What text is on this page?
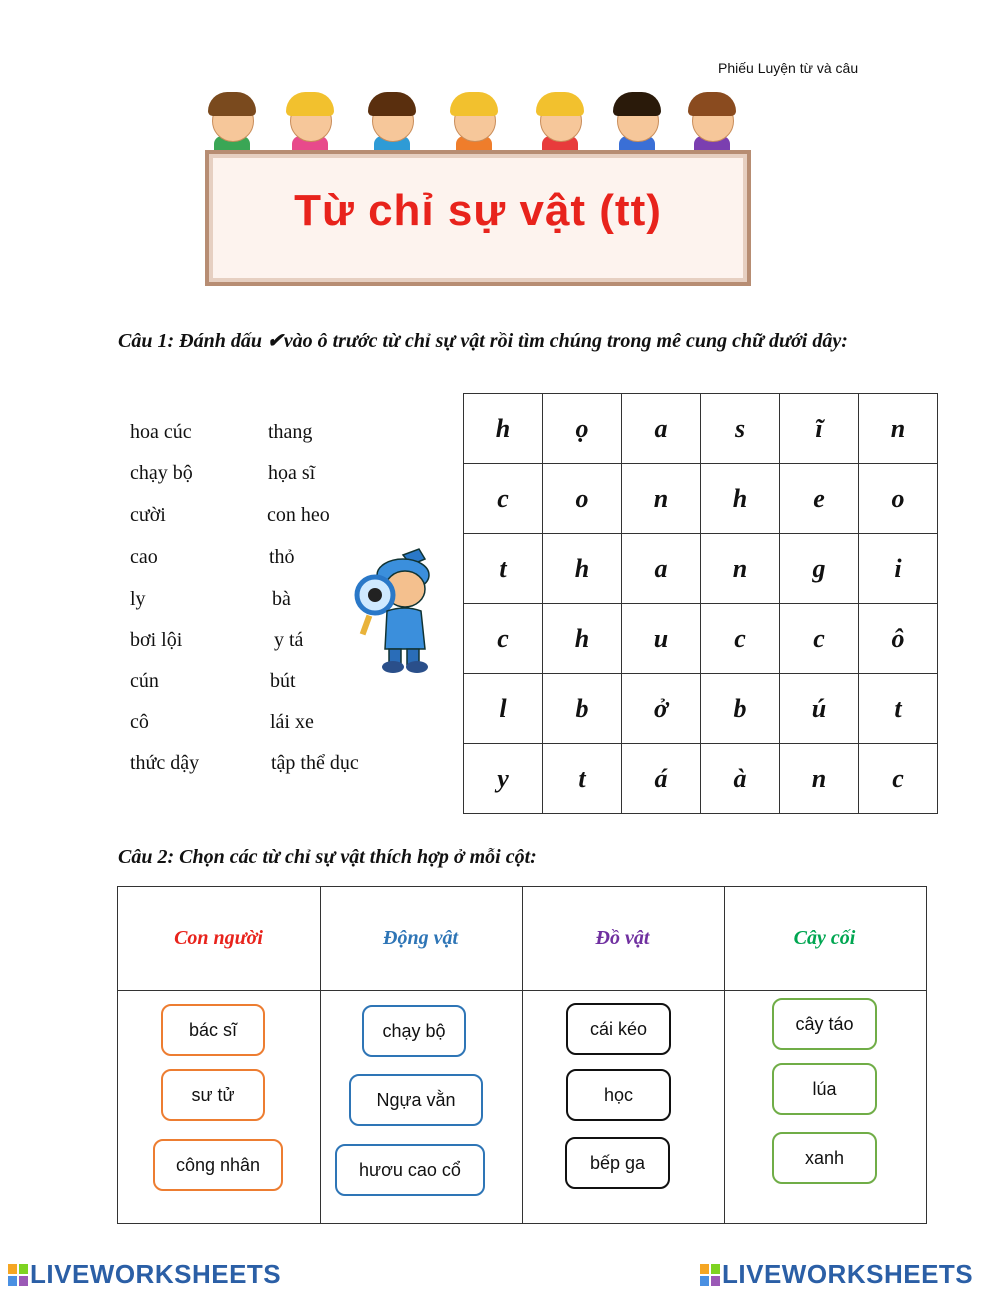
Phiếu Luyện từ và câu
Từ chỉ sự vật (tt)
Câu 1: Đánh dấu ✔vào ô trước từ chỉ sự vật rồi tìm chúng trong mê cung chữ dưới dây:
hoa cúc
chạy bộ
cười
cao
ly
bơi lội
cún
cô
thức dậy
thang
họa sĩ
con heo
thỏ
bà
y tá
bút
lái xe
tập thể dục
h	ọ	a	s	ĩ	n
c	o	n	h	e	o
t	h	a	n	g	i
c	h	u	c	c	ô
l	b	ở	b	ú	t
y	t	á	à	n	c
Câu 2: Chọn các từ chỉ sự vật thích hợp ở mỗi cột:
Con người	Động vật	Đồ vật	Cây cối
bác sĩ
sư tử
công nhân
chạy bộ
Ngựa vằn
hươu cao cổ
cái kéo
học
bếp ga
cây táo
lúa
xanh
LIVEWORKSHEETS	LIVEWORKSHEETS
